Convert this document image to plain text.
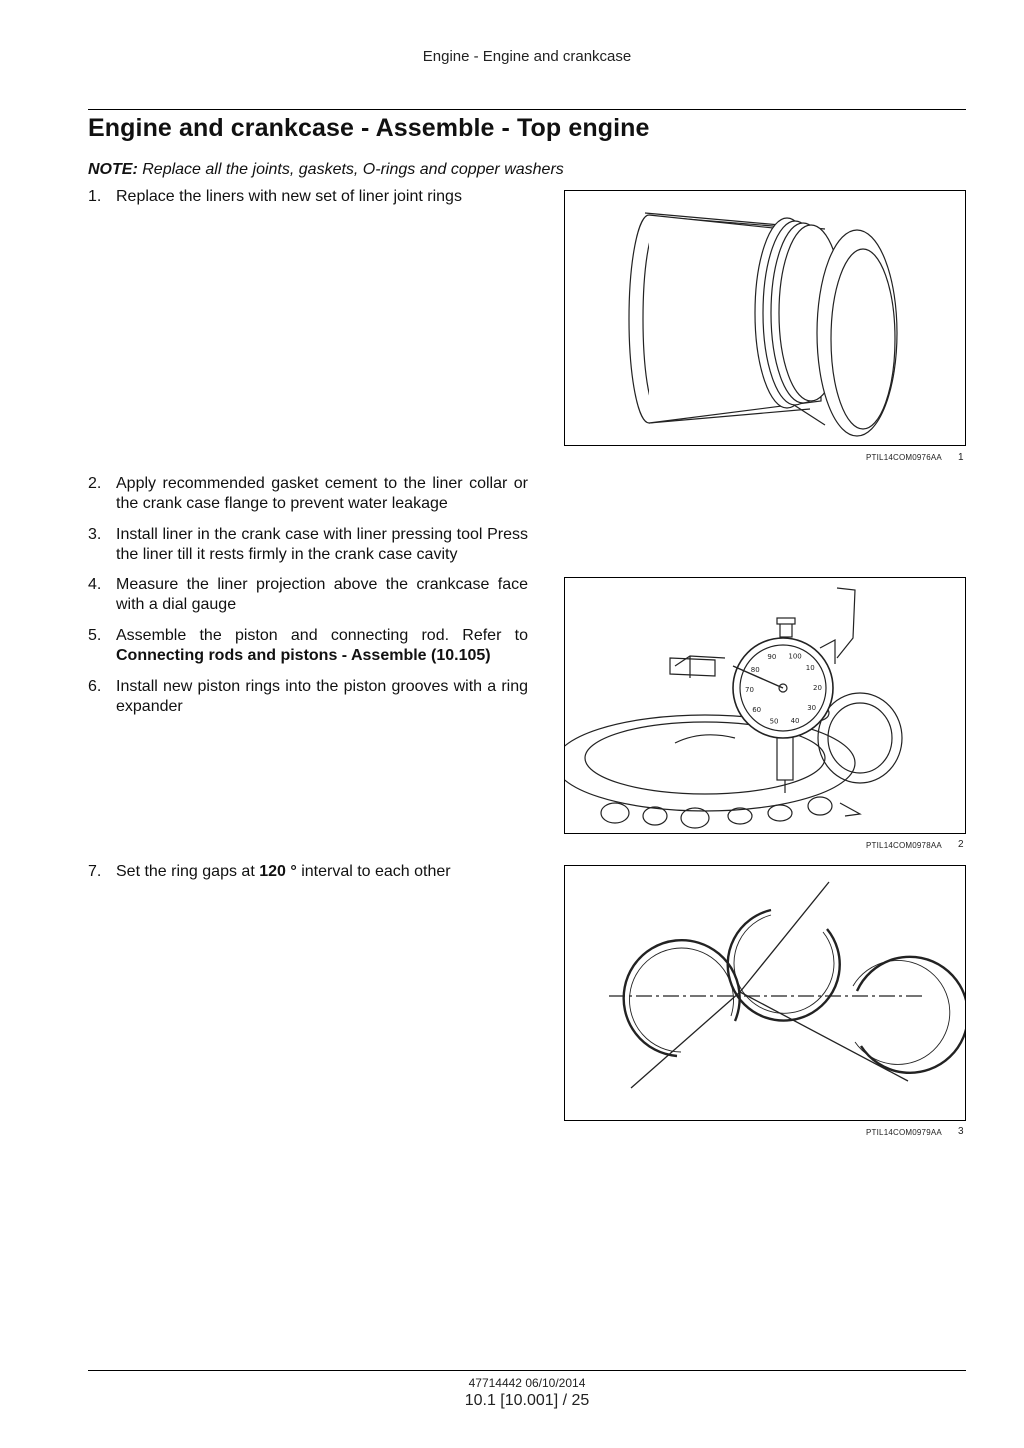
Engine - Engine and crankcase
Engine and crankcase - Assemble - Top engine
NOTE: Replace all the joints, gaskets, O-rings and copper washers
1. Replace the liners with new set of liner joint rings
2. Apply recommended gasket cement to the liner collar or the crank case flange to prevent water leakage
3. Install liner in the crank case with liner pressing tool Press the liner till it rests firmly in the crank case cavity
4. Measure the liner projection above the crankcase face with a dial gauge
5. Assemble the piston and connecting rod. Refer to Connecting rods and pistons - Assemble (10.105)
6. Install new piston rings into the piston grooves with a ring expander
7. Set the ring gaps at 120 ° interval to each other
PTIL14COM0976AA 1
90 100
10
20
30
40
50
60
70
80
PTIL14COM0978AA 2
PTIL14COM0979AA 3
47714442 06/10/2014
10.1 [10.001] / 25
